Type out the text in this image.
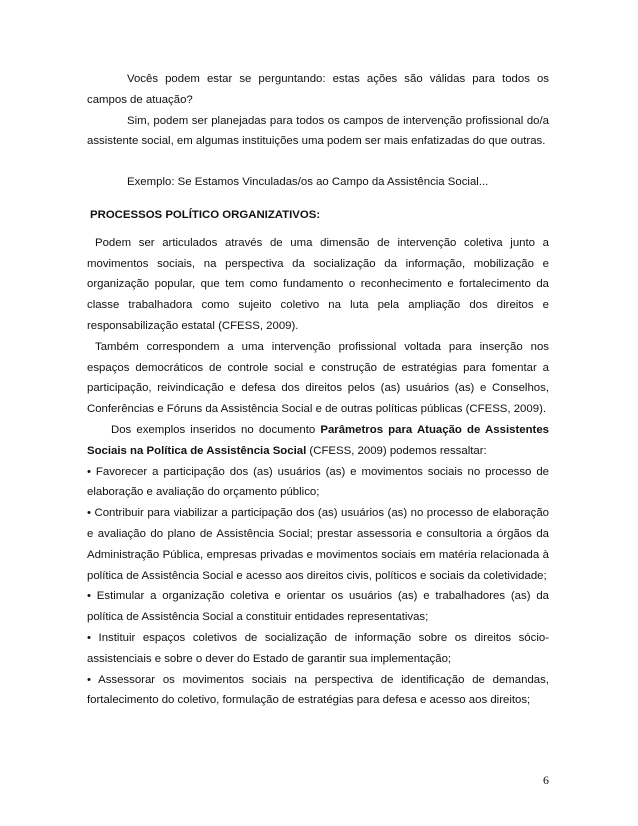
Vocês podem estar se perguntando: estas ações são válidas para todos os campos de atuação?

Sim, podem ser planejadas para todos os campos de intervenção profissional do/a assistente social, em algumas instituições uma podem ser mais enfatizadas do que outras.

Exemplo: Se Estamos Vinculadas/os ao Campo da Assistência Social...

PROCESSOS POLÍTICO ORGANIZATIVOS:

Podem ser articulados através de uma dimensão de intervenção coletiva junto a movimentos sociais, na perspectiva da socialização da informação, mobilização e organização popular, que tem como fundamento o reconhecimento e fortalecimento da classe trabalhadora como sujeito coletivo na luta pela ampliação dos direitos e responsabilização estatal (CFESS, 2009).

Também correspondem a uma intervenção profissional voltada para inserção nos espaços democráticos de controle social e construção de estratégias para fomentar a participação, reivindicação e defesa dos direitos pelos (as) usuários (as) e Conselhos, Conferências e Fóruns da Assistência Social e de outras políticas públicas (CFESS, 2009).

Dos exemplos inseridos no documento Parâmetros para Atuação de Assistentes Sociais na Política de Assistência Social (CFESS, 2009) podemos ressaltar:

• Favorecer a participação dos (as) usuários (as) e movimentos sociais no processo de elaboração e avaliação do orçamento público;

• Contribuir para viabilizar a participação dos (as) usuários (as) no processo de elaboração e avaliação do plano de Assistência Social; prestar assessoria e consultoria a órgãos da Administração Pública, empresas privadas e movimentos sociais em matéria relacionada à política de Assistência Social e acesso aos direitos civis, políticos e sociais da coletividade;

• Estimular a organização coletiva e orientar os usuários (as) e trabalhadores (as) da política de Assistência Social a constituir entidades representativas;

• Instituir espaços coletivos de socialização de informação sobre os direitos sócio-assistenciais e sobre o dever do Estado de garantir sua implementação;

• Assessorar os movimentos sociais na perspectiva de identificação de demandas, fortalecimento do coletivo, formulação de estratégias para defesa e acesso aos direitos;

6
